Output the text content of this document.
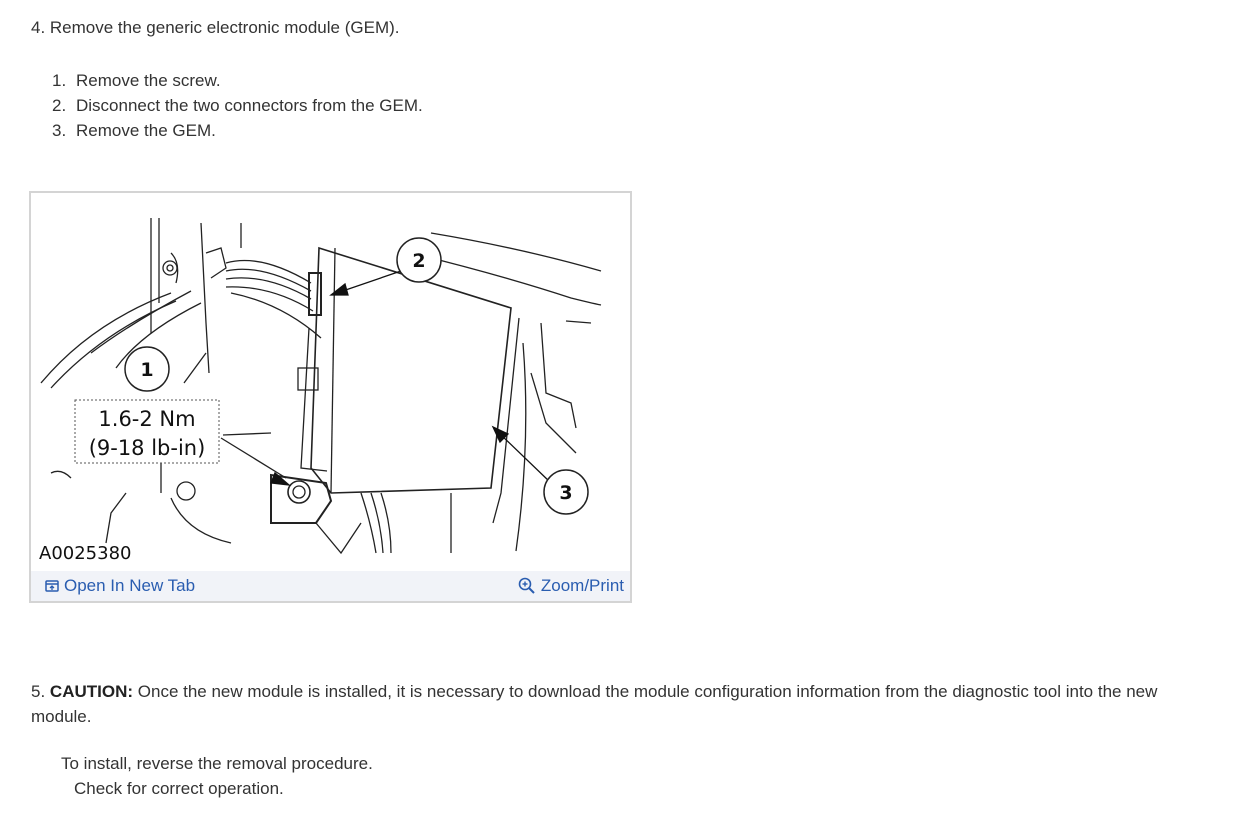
4. Remove the generic electronic module (GEM).
1. Remove the screw.
2. Disconnect the two connectors from the GEM.
3. Remove the GEM.
1
2
3
1.6-2 Nm
(9-18 lb-in)
A0025380
Open In New Tab	Zoom/Print
5. CAUTION: Once the new module is installed, it is necessary to download the module configuration information from the diagnostic tool into the new module.
To install, reverse the removal procedure.
Check for correct operation.
